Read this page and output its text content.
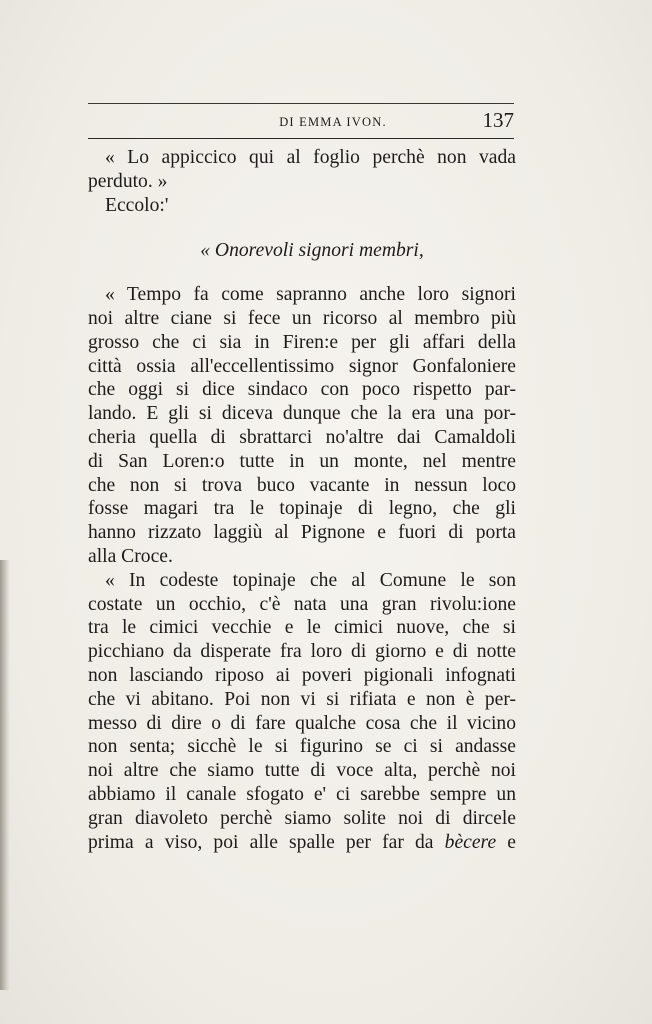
DI EMMA IVON.	137
« Lo appiccico qui al foglio perchè non vada
perduto. »
Eccolo:'
« Onorevoli signori membri,
« Tempo fa come sapranno anche loro signori
noi altre ciane si fece un ricorso al membro più
grosso che ci sia in Firen:e per gli affari della
città ossia all'eccellentissimo signor Gonfaloniere
che oggi si dice sindaco con poco rispetto par-
lando. E gli si diceva dunque che la era una por-
cheria quella di sbrattarci no'altre dai Camaldoli
di San Loren:o tutte in un monte, nel mentre
che non si trova buco vacante in nessun loco
fosse magari tra le topinaje di legno, che gli
hanno rizzato laggiù al Pignone e fuori di porta
alla Croce.
« In codeste topinaje che al Comune le son
costate un occhio, c'è nata una gran rivolu:ione
tra le cimici vecchie e le cimici nuove, che si
picchiano da disperate fra loro di giorno e di notte
non lasciando riposo ai poveri pigionali infognati
che vi abitano. Poi non vi si rifiata e non è per-
messo di dire o di fare qualche cosa che il vicino
non senta; sicchè le si figurino se ci si andasse
noi altre che siamo tutte di voce alta, perchè noi
abbiamo il canale sfogato e' ci sarebbe sempre un
gran diavoleto perchè siamo solite noi di dircele
prima a viso, poi alle spalle per far da bècere e
